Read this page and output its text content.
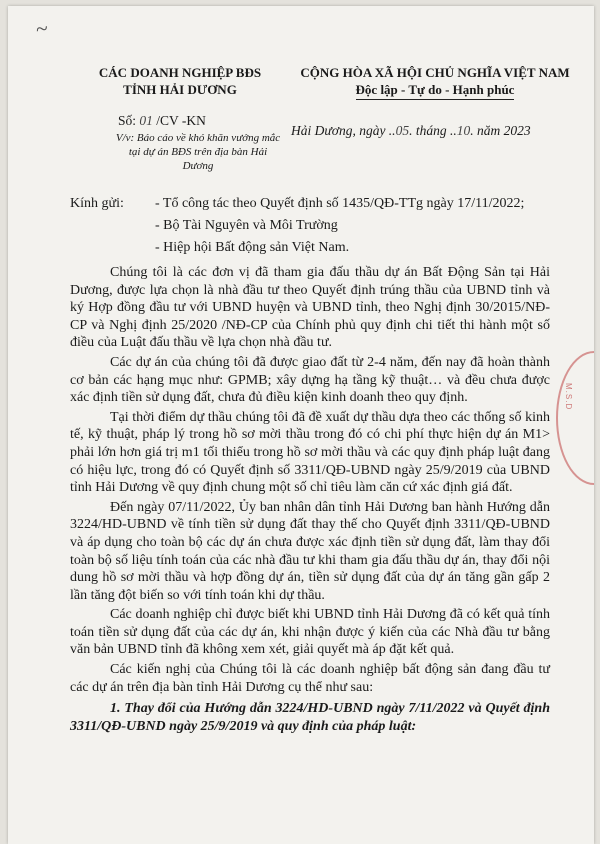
~
M.S.D
CÁC DOANH NGHIỆP BĐS
TỈNH HẢI DƯƠNG
CỘNG HÒA XÃ HỘI CHỦ NGHĨA VIỆT NAM
Độc lập - Tự do - Hạnh phúc
Số: 01 /CV -KN
V/v: Báo cáo về khó khăn vướng mắc tại dự án BĐS trên địa bàn Hải Dương
Hải Dương, ngày ..05. tháng ..10. năm 2023
Kính gửi:	- Tổ công tác theo Quyết định số 1435/QĐ-TTg ngày 17/11/2022;
- Bộ Tài Nguyên và Môi Trường
- Hiệp hội Bất động sản Việt Nam.

Chúng tôi là các đơn vị đã tham gia đấu thầu dự án Bất Động Sản tại Hải Dương, được lựa chọn là nhà đầu tư theo Quyết định trúng thầu của UBND tỉnh và ký Hợp đồng đầu tư với UBND huyện và UBND tỉnh, theo Nghị định 30/2015/NĐ-CP và Nghị định 25/2020 /NĐ-CP của Chính phủ quy định chi tiết thi hành một số điều của Luật đấu thầu về lựa chọn nhà đầu tư.

Các dự án của chúng tôi đã được giao đất từ 2-4 năm, đến nay đã hoàn thành cơ bản các hạng mục như: GPMB; xây dựng hạ tầng kỹ thuật… và đều chưa được xác định tiền sử dụng đất, chưa đủ điều kiện kinh doanh theo quy định.

Tại thời điểm dự thầu chúng tôi đã đề xuất dự thầu dựa theo các thống số kinh tế, kỹ thuật, pháp lý trong hồ sơ mời thầu trong đó có chi phí thực hiện dự án M1> phải lớn hơn giá trị m1 tối thiểu trong hồ sơ mời thầu và các quy định pháp luật đang có hiệu lực, trong đó có Quyết định số 3311/QĐ-UBND ngày 25/9/2019 của UBND tỉnh Hải Dương về quy định chung một số chỉ tiêu làm căn cứ xác định giá đất.

Đến ngày 07/11/2022, Ủy ban nhân dân tỉnh Hải Dương ban hành Hướng dẫn 3224/HD-UBND về tính tiền sử dụng đất thay thế cho Quyết định 3311/QĐ-UBND và áp dụng cho toàn bộ các dự án chưa được xác định tiền sử dụng đất, làm thay đổi toàn bộ số liệu tính toán của các nhà đầu tư khi tham gia đấu thầu dự án, thay đổi nội dung hồ sơ mời thầu và hợp đồng dự án, tiền sử dụng đất của dự án tăng gần gấp 2 lần tăng đột biến so với tính toán khi dự thầu.

Các doanh nghiệp chỉ được biết khi UBND tỉnh Hải Dương đã có kết quả tính toán tiền sử dụng đất của các dự án, khi nhận được ý kiến của các Nhà đầu tư bằng văn bản UBND tỉnh đã không xem xét, giải quyết mà áp đặt kết quả.

Các kiến nghị của Chúng tôi là các doanh nghiệp bất động sản đang đầu tư các dự án trên địa bàn tỉnh Hải Dương cụ thể như sau:

1. Thay đổi của Hướng dẫn 3224/HD-UBND ngày 7/11/2022 và Quyết định 3311/QĐ-UBND ngày 25/9/2019 và quy định của pháp luật:
